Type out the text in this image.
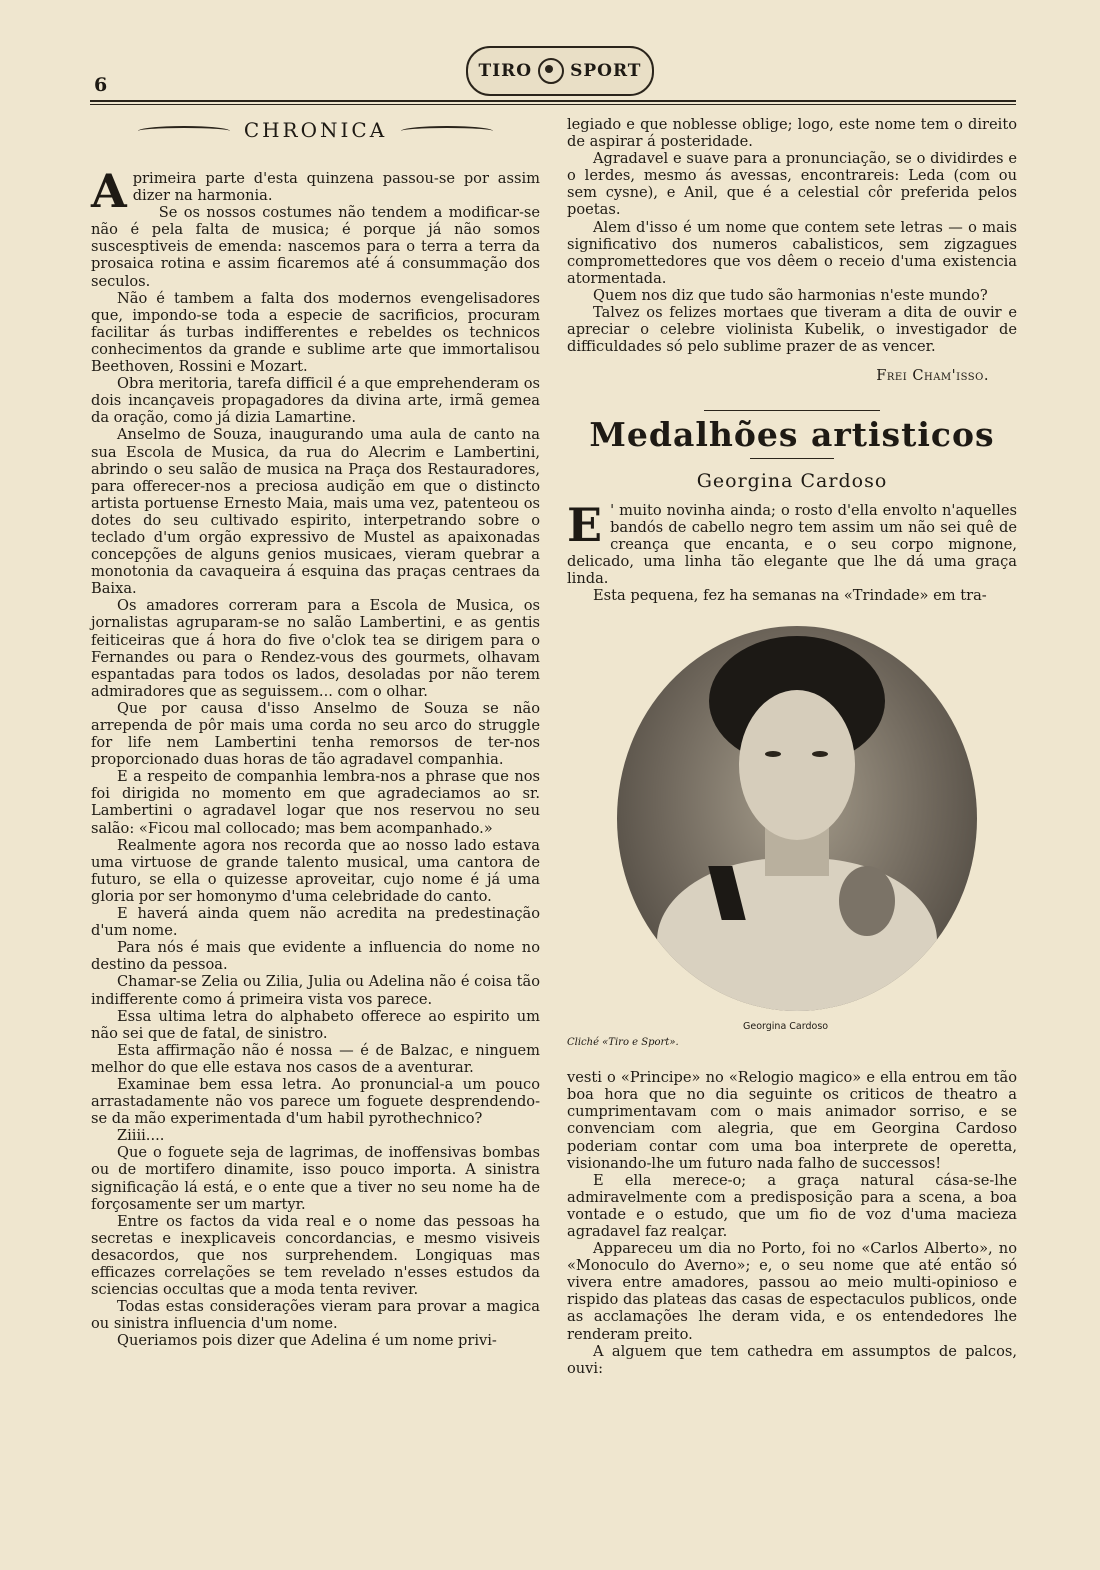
6
TIRO SPORT
CHRONICA

Aprimeira parte d'esta quinzena passou-se por assim dizer na harmonia.

Se os nossos costumes não tendem a modificar-se não é pela falta de musica; é porque já não somos suscesptiveis de emenda: nascemos para o terra a terra da prosaica rotina e assim ficaremos até á consummação dos seculos.

Não é tambem a falta dos modernos evengelisadores que, impondo-se toda a especie de sacrificios, procuram facilitar ás turbas indifferentes e rebeldes os technicos conhecimentos da grande e sublime arte que immortalisou Beethoven, Rossini e Mozart.

Obra meritoria, tarefa difficil é a que emprehenderam os dois incançaveis propagadores da divina arte, irmã gemea da oração, como já dizia Lamartine.

Anselmo de Souza, inaugurando uma aula de canto na sua Escola de Musica, da rua do Alecrim e Lambertini, abrindo o seu salão de musica na Praça dos Restauradores, para offerecer-nos a preciosa audição em que o distincto artista portuense Ernesto Maia, mais uma vez, patenteou os dotes do seu cultivado espirito, interpetrando sobre o teclado d'um orgão expressivo de Mustel as apaixonadas concepções de alguns genios musicaes, vieram quebrar a monotonia da cavaqueira á esquina das praças centraes da Baixa.

Os amadores correram para a Escola de Musica, os jornalistas agruparam-se no salão Lambertini, e as gentis feiticeiras que á hora do five o'clok tea se dirigem para o Fernandes ou para o Rendez-vous des gourmets, olhavam espantadas para todos os lados, desoladas por não terem admiradores que as seguissem... com o olhar.

Que por causa d'isso Anselmo de Souza se não arrependa de pôr mais uma corda no seu arco do struggle for life nem Lambertini tenha remorsos de ter-nos proporcionado duas horas de tão agradavel companhia.

E a respeito de companhia lembra-nos a phrase que nos foi dirigida no momento em que agradeciamos ao sr. Lambertini o agradavel logar que nos reservou no seu salão: «Ficou mal collocado; mas bem acompanhado.»

Realmente agora nos recorda que ao nosso lado estava uma virtuose de grande talento musical, uma cantora de futuro, se ella o quizesse aproveitar, cujo nome é já uma gloria por ser homonymo d'uma celebridade do canto.

E haverá ainda quem não acredita na predestinação d'um nome.

Para nós é mais que evidente a influencia do nome no destino da pessoa.

Chamar-se Zelia ou Zilia, Julia ou Adelina não é coisa tão indifferente como á primeira vista vos parece.

Essa ultima letra do alphabeto offerece ao espirito um não sei que de fatal, de sinistro.

Esta affirmação não é nossa — é de Balzac, e ninguem melhor do que elle estava nos casos de a aventurar.

Examinae bem essa letra. Ao pronuncial-a um pouco arrastadamente não vos parece um foguete desprendendo-se da mão experimentada d'um habil pyrothechnico?

Ziiii....

Que o foguete seja de lagrimas, de inoffensivas bombas ou de mortifero dinamite, isso pouco importa. A sinistra significação lá está, e o ente que a tiver no seu nome ha de forçosamente ser um martyr.

Entre os factos da vida real e o nome das pessoas ha secretas e inexplicaveis concordancias, e mesmo visiveis desacordos, que nos surprehendem. Longiquas mas efficazes correlações se tem revelado n'esses estudos da sciencias occultas que a moda tenta reviver.

Todas estas considerações vieram para provar a magica ou sinistra influencia d'um nome.

Queriamos pois dizer que Adelina é um nome privi-

legiado e que noblesse oblige; logo, este nome tem o direito de aspirar á posteridade.

Agradavel e suave para a pronunciação, se o dividirdes e o lerdes, mesmo ás avessas, encontrareis: Leda (com ou sem cysne), e Anil, que é a celestial côr preferida pelos poetas.

Alem d'isso é um nome que contem sete letras — o mais significativo dos numeros cabalisticos, sem zigzagues compromettedores que vos dêem o receio d'uma existencia atormentada.

Quem nos diz que tudo são harmonias n'este mundo?

Talvez os felizes mortaes que tiveram a dita de ouvir e apreciar o celebre violinista Kubelik, o investigador de difficuldades só pelo sublime prazer de as vencer.

Frei Cham'isso.
Medalhões artisticos
Georgina Cardoso

E ' muito novinha ainda; o rosto d'ella envolto n'aquelles bandós de cabello negro tem assim um não sei quê de creança que encanta, e o seu corpo mignone, delicado, uma linha tão elegante que lhe dá uma graça linda.

Esta pequena, fez ha semanas na «Trindade» em tra-

Georgina Cardoso
Cliché «Tiro e Sport».

vesti o «Principe» no «Relogio magico» e ella entrou em tão boa hora que no dia seguinte os criticos de theatro a cumprimentavam com o mais animador sorriso, e se convenciam com alegria, que em Georgina Cardoso poderiam contar com uma boa interprete de operetta, visionando-lhe um futuro nada falho de successos!

E ella merece-o; a graça natural cása-se-lhe admiravelmente com a predisposição para a scena, a boa vontade e o estudo, que um fio de voz d'uma macieza agradavel faz realçar.

Appareceu um dia no Porto, foi no «Carlos Alberto», no «Monoculo do Averno»; e, o seu nome que até então só vivera entre amadores, passou ao meio multi-opinioso e rispido das plateas das casas de espectaculos publicos, onde as acclamações lhe deram vida, e os entendedores lhe renderam preito.

A alguem que tem cathedra em assumptos de palcos, ouvi:
